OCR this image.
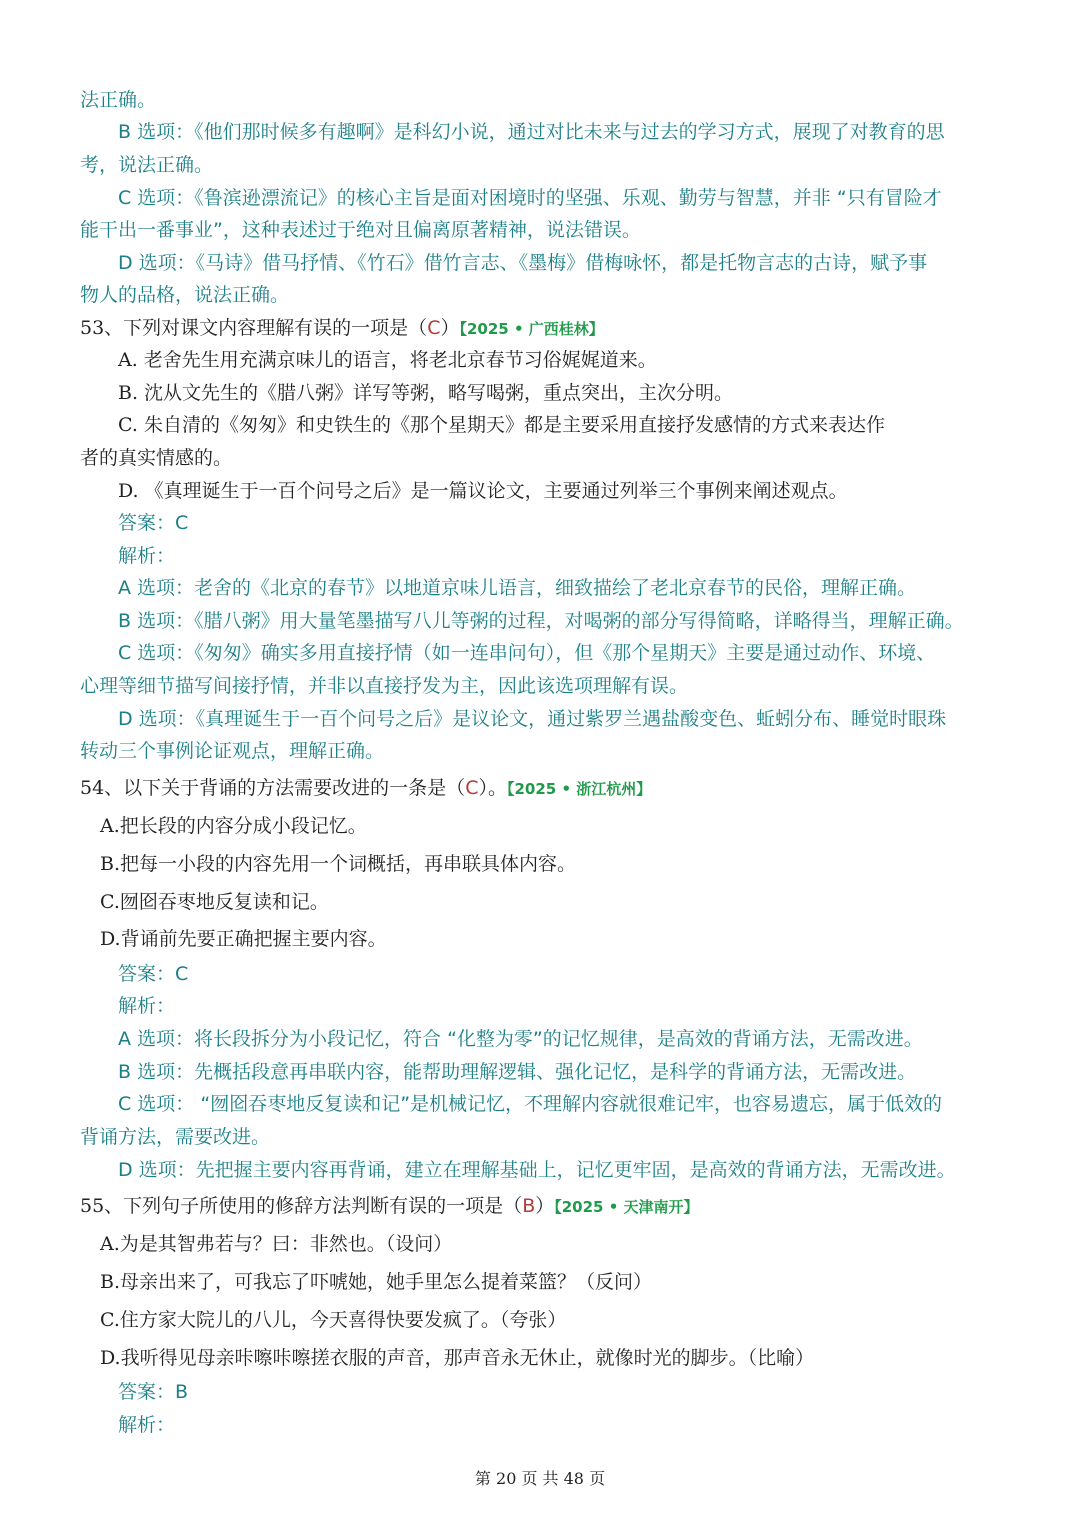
法正确。
B 选项：《他们那时候多有趣啊》是科幻小说，通过对比未来与过去的学习方式，展现了对教育的思
考，说法正确。
C 选项：《鲁滨逊漂流记》的核心主旨是面对困境时的坚强、乐观、勤劳与智慧，并非 “只有冒险才
能干出一番事业”，这种表述过于绝对且偏离原著精神，说法错误。
D 选项：《马诗》借马抒情、《竹石》借竹言志、《墨梅》借梅咏怀，都是托物言志的古诗，赋予事
物人的品格，说法正确。
53、下列对课文内容理解有误的一项是（C）【2025 • 广西桂林】
A. 老舍先生用充满京味儿的语言，将老北京春节习俗娓娓道来。
B. 沈从文先生的《腊八粥》详写等粥，略写喝粥，重点突出，主次分明。
C. 朱自清的《匆匆》和史铁生的《那个星期天》都是主要采用直接抒发感情的方式来表达作
者的真实情感的。
D. 《真理诞生于一百个问号之后》是一篇议论文，主要通过列举三个事例来阐述观点。
答案：C
解析：
A 选项：老舍的《北京的春节》以地道京味儿语言，细致描绘了老北京春节的民俗，理解正确。
B 选项：《腊八粥》用大量笔墨描写八儿等粥的过程，对喝粥的部分写得简略，详略得当，理解正确。
C 选项：《匆匆》确实多用直接抒情（如一连串问句），但《那个星期天》主要是通过动作、环境、
心理等细节描写间接抒情，并非以直接抒发为主，因此该选项理解有误。
D 选项：《真理诞生于一百个问号之后》是议论文，通过紫罗兰遇盐酸变色、蚯蚓分布、睡觉时眼珠
转动三个事例论证观点，理解正确。
54、以下关于背诵的方法需要改进的一条是（C）。【2025 • 浙江杭州】
A.把长段的内容分成小段记忆。
B.把每一小段的内容先用一个词概括，再串联具体内容。
C.囫囵吞枣地反复读和记。
D.背诵前先要正确把握主要内容。
答案：C
解析：
A 选项：将长段拆分为小段记忆，符合 “化整为零”的记忆规律，是高效的背诵方法，无需改进。
B 选项：先概括段意再串联内容，能帮助理解逻辑、强化记忆，是科学的背诵方法，无需改进。
C 选项： “囫囵吞枣地反复读和记”是机械记忆，不理解内容就很难记牢，也容易遗忘，属于低效的
背诵方法，需要改进。
D 选项：先把握主要内容再背诵，建立在理解基础上，记忆更牢固，是高效的背诵方法，无需改进。
55、下列句子所使用的修辞方法判断有误的一项是（B）【2025 • 天津南开】
A.为是其智弗若与？曰：非然也。（设问）
B.母亲出来了，可我忘了吓唬她，她手里怎么提着菜篮？（反问）
C.住方家大院儿的八儿，今天喜得快要发疯了。（夸张）
D.我听得见母亲咔嚓咔嚓搓衣服的声音，那声音永无休止，就像时光的脚步。（比喻）
答案：B
解析：
第 20 页 共 48 页
